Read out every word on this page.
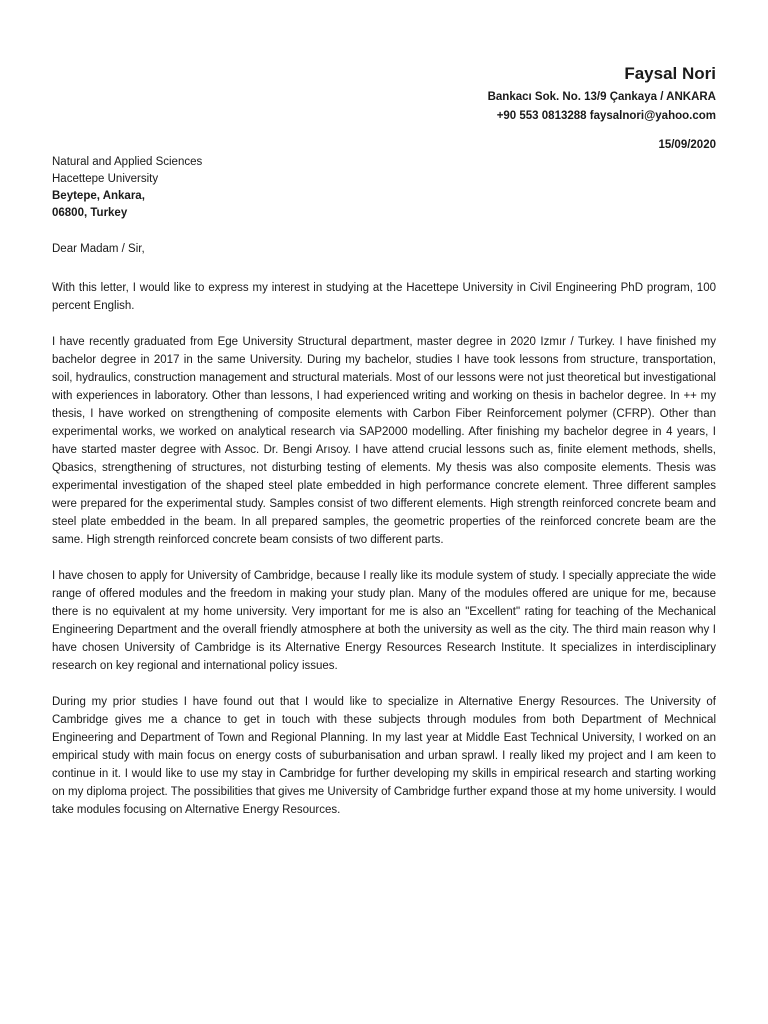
Faysal Nori
Bankacı Sok. No. 13/9 Çankaya / ANKARA
+90 553 0813288 faysalnori@yahoo.com
15/09/2020
Natural and Applied Sciences
Hacettepe University
Beytepe, Ankara,
06800, Turkey
Dear Madam / Sir,

With this letter, I would like to express my interest in studying at the Hacettepe University in Civil Engineering PhD program, 100 percent English.

I have recently graduated from Ege University Structural department, master degree in 2020 Izmır / Turkey. I have finished my bachelor degree in 2017 in the same University. During my bachelor, studies I have took lessons from structure, transportation, soil, hydraulics, construction management and structural materials. Most of our lessons were not just theoretical but investigational with experiences in laboratory. Other than lessons, I had experienced writing and working on thesis in bachelor degree. In ++ my thesis, I have worked on strengthening of composite elements with Carbon Fiber Reinforcement polymer (CFRP). Other than experimental works, we worked on analytical research via SAP2000 modelling. After finishing my bachelor degree in 4 years, I have started master degree with Assoc. Dr. Bengi Arısoy. I have attend crucial lessons such as, finite element methods, shells, Qbasics, strengthening of structures, not disturbing testing of elements. My thesis was also composite elements. Thesis was experimental investigation of the shaped steel plate embedded in high performance concrete element. Three different samples were prepared for the experimental study. Samples consist of two different elements. High strength reinforced concrete beam and steel plate embedded in the beam. In all prepared samples, the geometric properties of the reinforced concrete beam are the same. High strength reinforced concrete beam consists of two different parts.

I have chosen to apply for University of Cambridge, because I really like its module system of study. I specially appreciate the wide range of offered modules and the freedom in making your study plan. Many of the modules offered are unique for me, because there is no equivalent at my home university. Very important for me is also an "Excellent" rating for teaching of the Mechanical Engineering Department and the overall friendly atmosphere at both the university as well as the city. The third main reason why I have chosen University of Cambridge is its Alternative Energy Resources Research Institute. It specializes in interdisciplinary research on key regional and international policy issues.

During my prior studies I have found out that I would like to specialize in Alternative Energy Resources. The University of Cambridge gives me a chance to get in touch with these subjects through modules from both Department of Mechnical Engineering and Department of Town and Regional Planning. In my last year at Middle East Technical University, I worked on an empirical study with main focus on energy costs of suburbanisation and urban sprawl. I really liked my project and I am keen to continue in it. I would like to use my stay in Cambridge for further developing my skills in empirical research and starting working on my diploma project. The possibilities that gives me University of Cambridge further expand those at my home university. I would take modules focusing on Alternative Energy Resources.
